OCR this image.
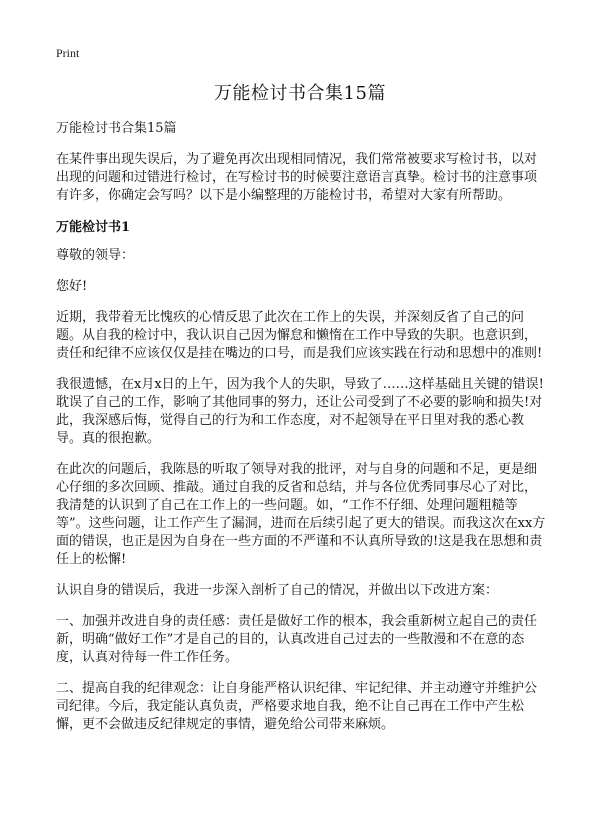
Print
万能检讨书合集15篇
万能检讨书合集15篇

在某件事出现失误后，为了避免再次出现相同情况，我们常常被要求写检讨书，以对出现的问题和过错进行检讨，在写检讨书的时候要注意语言真挚。检讨书的注意事项有许多，你确定会写吗？以下是小编整理的万能检讨书，希望对大家有所帮助。

万能检讨书1

尊敬的领导：

您好!

近期，我带着无比愧疚的心情反思了此次在工作上的失误，并深刻反省了自己的问题。从自我的检讨中，我认识自己因为懈怠和懒惰在工作中导致的失职。也意识到，责任和纪律不应该仅仅是挂在嘴边的口号，而是我们应该实践在行动和思想中的准则!

我很遗憾，在x月x日的上午，因为我个人的失职，导致了……这样基础且关键的错误!耽误了自己的工作，影响了其他同事的努力，还让公司受到了不必要的影响和损失!对此，我深感后悔，觉得自己的行为和工作态度，对不起领导在平日里对我的悉心教导。真的很抱歉。

在此次的问题后，我陈恳的听取了领导对我的批评，对与自身的问题和不足，更是细心仔细的多次回顾、推敲。通过自我的反省和总结，并与各位优秀同事尽心了对比，我清楚的认识到了自己在工作上的一些问题。如，“工作不仔细、处理问题粗糙等等”。这些问题，让工作产生了漏洞，进而在后续引起了更大的错误。而我这次在xx方面的错误，也正是因为自身在一些方面的不严谨和不认真所导致的!这是我在思想和责任上的松懈!

认识自身的错误后，我进一步深入剖析了自己的情况，并做出以下改进方案：

一、加强并改进自身的责任感：责任是做好工作的根本，我会重新树立起自己的责任新，明确“做好工作”才是自己的目的，认真改进自己过去的一些散漫和不在意的态度，认真对待每一件工作任务。

二、提高自我的纪律观念：让自身能严格认识纪律、牢记纪律、并主动遵守并维护公司纪律。今后，我定能认真负责，严格要求地自我，绝不让自己再在工作中产生松懈，更不会做违反纪律规定的事情，避免给公司带来麻烦。
